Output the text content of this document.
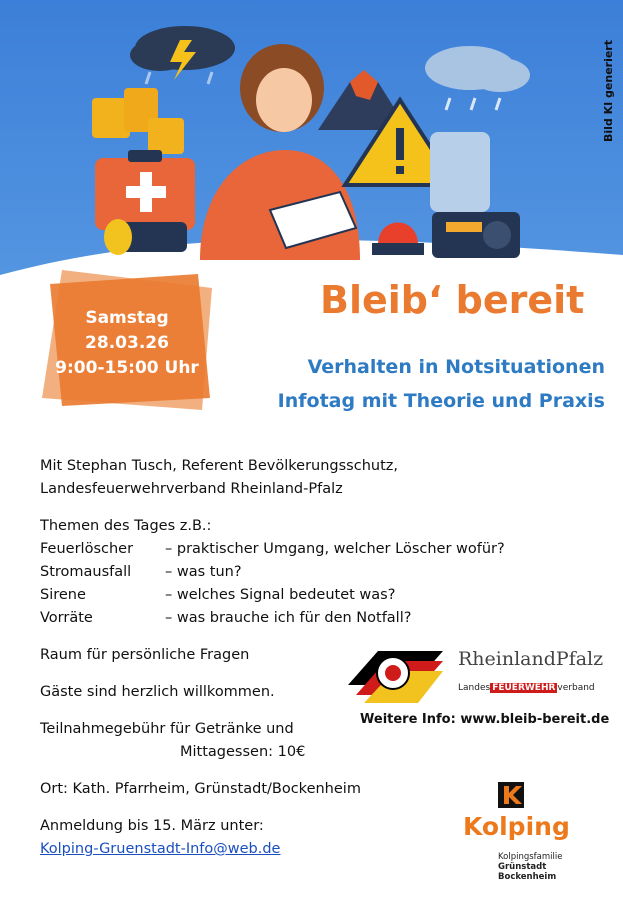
Bild KI generiert
Samstag
28.03.26
9:00-15:00 Uhr
Bleib‘ bereit
Verhalten in Notsituationen
Infotag mit Theorie und Praxis
Mit Stephan Tusch, Referent Bevölkerungsschutz,
Landesfeuerwehrverband Rheinland-Pfalz
Themen des Tages z.B.:
Feuerlöscher	– praktischer Umgang, welcher Löscher wofür?
Stromausfall	– was tun?
Sirene	– welches Signal bedeutet was?
Vorräte	– was brauche ich für den Notfall?
Raum für persönliche Fragen
Gäste sind herzlich willkommen.
Teilnahmegebühr für Getränke und
Mittagessen: 10€
Ort: Kath. Pfarrheim, Grünstadt/Bockenheim
Anmeldung bis 15. März unter:
Kolping-Gruenstadt-Info@web.de
RheinlandPfalz
Landes FEUERWEHR verband
Weitere Info: www.bleib-bereit.de
Kolping
Kolpingsfamilie
Grünstadt
Bockenheim
